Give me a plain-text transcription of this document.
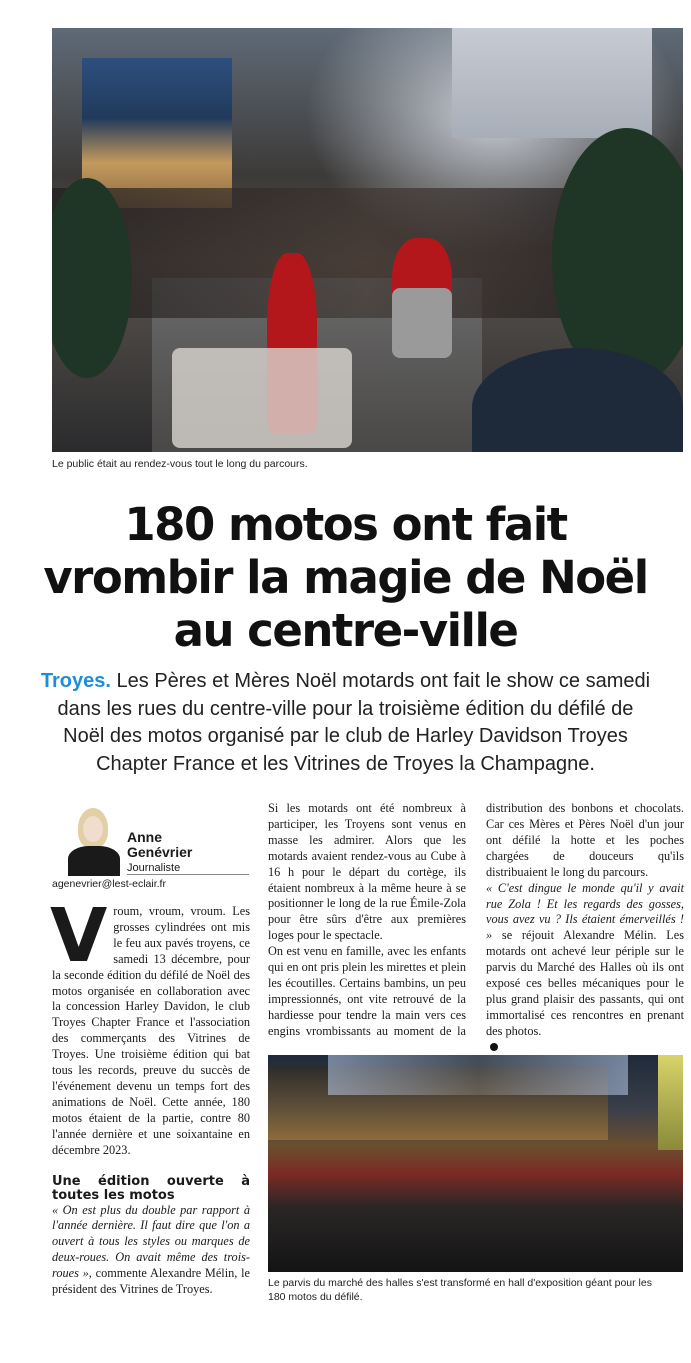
Le public était au rendez-vous tout le long du parcours.
180 motos ont fait
vrombir la magie de Noël
au centre-ville
Troyes. Les Pères et Mères Noël motards ont fait le show ce samedi dans les rues du centre-ville pour la troisième édition du défilé de Noël des motos organisé par le club de Harley Davidson Troyes Chapter France et les Vitrines de Troyes la Champagne.
Anne
Genévrier
Journaliste
agenevrier@lest-eclair.fr

Vroum, vroum, vroum. Les grosses cylindrées ont mis le feu aux pavés troyens, ce samedi 13 décembre, pour la seconde édition du défilé de Noël des motos organisée en collaboration avec la concession Harley Davidon, le club Troyes Chapter France et l'association des commerçants des Vitrines de Troyes. Une troisième édition qui bat tous les records, preuve du succès de l'événement devenu un temps fort des animations de Noël. Cette année, 180 motos étaient de la partie, contre 80 l'année dernière et une soixantaine en décembre 2023.

Une édition ouverte à toutes les motos

« On est plus du double par rapport à l'année dernière. Il faut dire que l'on a ouvert à tous les styles ou marques de deux-roues. On avait même des trois-roues », commente Alexandre Mélin, le président des Vitrines de Troyes.

Si les motards ont été nombreux à participer, les Troyens sont venus en masse les admirer. Alors que les motards avaient rendez-vous au Cube à 16 h pour le départ du cortège, ils étaient nombreux à la même heure à se positionner le long de la rue Émile-Zola pour être sûrs d'être aux premières loges pour le spectacle.

distribution des bonbons et chocolats. Car ces Mères et Pères Noël d'un jour ont défilé la hotte et les poches chargées de douceurs qu'ils distribuaient le long du parcours.

« C'est dingue le monde qu'il y avait rue Zola ! Et les regards des gosses, vous avez vu ? Ils étaient émerveillés ! » se réjouit Alexandre Mélin. Les motards ont achevé leur périple sur le parvis du Marché des Halles où ils ont exposé ces belles mécaniques pour le plus grand plaisir des passants, qui ont immortalisé ces rencontres en prenant des photos.

On est venu en famille, avec les enfants qui en ont pris plein les mirettes et plein les écoutilles. Certains bambins, un peu impressionnés, ont vite retrouvé de la hardiesse pour tendre la main vers ces engins vrombissants au moment de la

Le parvis du marché des halles s'est transformé en hall d'exposition géant pour les 180 motos du défilé.
